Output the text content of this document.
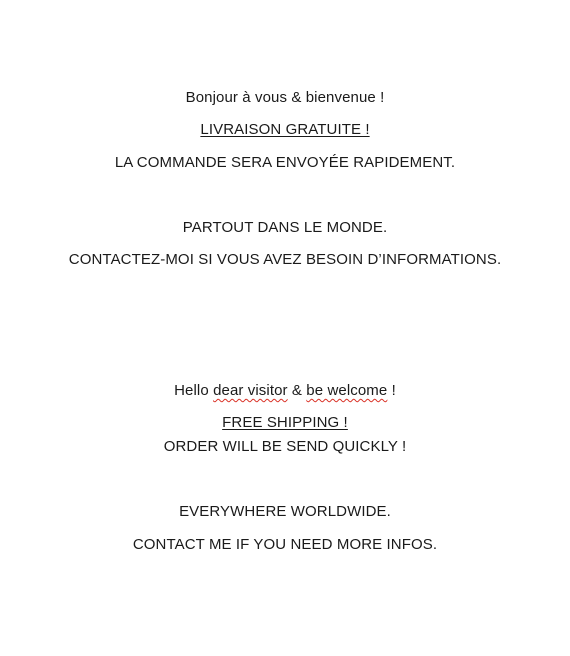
Bonjour à vous & bienvenue !
LIVRAISON GRATUITE !
LA COMMANDE SERA ENVOYÉE RAPIDEMENT.
PARTOUT DANS LE MONDE.
CONTACTEZ-MOI SI VOUS AVEZ BESOIN D’INFORMATIONS.
Hello dear visitor & be welcome !
FREE SHIPPING !
ORDER WILL BE SEND QUICKLY !
EVERYWHERE WORLDWIDE.
CONTACT ME IF YOU NEED MORE INFOS.
